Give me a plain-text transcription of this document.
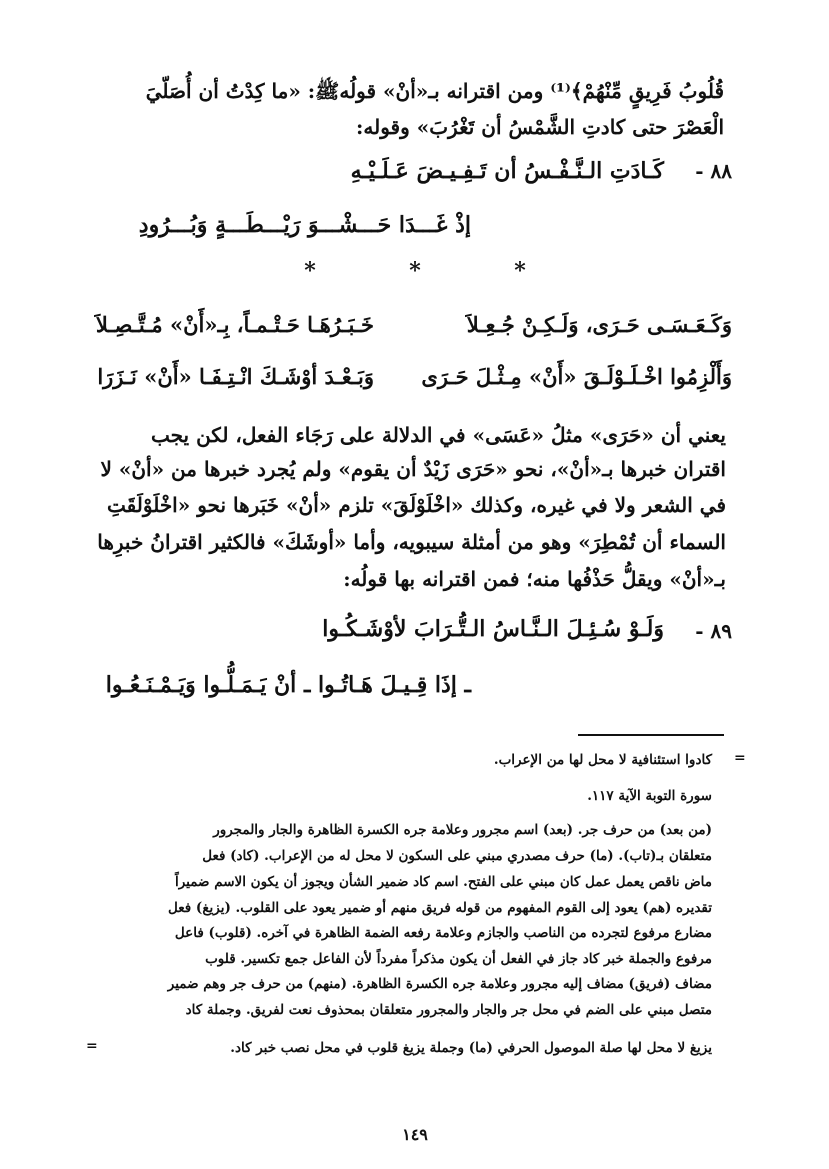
قُلُوبُ فَرِيقٍ مِّنْهُمْ﴾⁽¹⁾ ومن اقترانه بـ«أنْ» قولُهﷺ: «ما كِدْتُ أن أُصَلّيَ
الْعَصْرَ حتى كادتِ الشَّمْسُ أن تَغْرُبَ» وقوله:
٨٨ -
كَـادَتِ الـنَّـفْـسُ أن تَـفِـيـضَ عَـلَـيْـهِ
إذْ غَـــدَا حَـــشْـــوَ رَيْـــطَـــةٍ وَبُـــرُودِ
*	*	*
وَكَـعَـسَـى حَـرَى، وَلَـكِـنْ جُـعِـلاَ
خَـبَـرُهَـا حَـتْـمـاً، بِـ«أَنْ» مُـتَّـصِـلاَ
وَأَلْزِمُوا اخْـلَـوْلَـقَ «أَنْ» مِـثْـلَ حَـرَى
وَبَـعْـدَ أوْشَـكَ انْـتِـفَـا «أَنْ» نَـزَرَا
يعني أن «حَرَى» مثلُ «عَسَى» في الدلالة على رَجَاء الفعل، لكن يجب
اقتران خبرها بـ«أنْ»، نحو «حَرَى زَيْدٌ أن يقوم» ولم يُجرد خبرها من «أنْ» لا
في الشعر ولا في غيره، وكذلك «اخْلَوْلَقَ» تلزم «أنْ» خَبَرها نحو «اخْلَوْلَقَتِ
السماء أن تُمْطِرَ» وهو من أمثلة سيبويه، وأما «أوشَكَ» فالكثير اقترانُ خبرِها
بـ«أنْ» ويقلُّ حَذْفُها منه؛ فمن اقترانه بها قولُه:
٨٩ -
وَلَـوْ سُـئِـلَ الـنَّـاسُ الـتُّـرَابَ لأوْشَـكُـوا
ـ إذَا قِـيـلَ هَـاتُـوا ـ أنْ يَـمَـلُّـوا وَيَـمْـنَـعُـوا
=
كادوا استئنافية لا محل لها من الإعراب.
سورة التوبة الآية ١١٧.
(من بعد) من حرف جر. (بعد) اسم مجرور وعلامة جره الكسرة الظاهرة والجار والمجرور
متعلقان بـ(تاب). (ما) حرف مصدري مبني على السكون لا محل له من الإعراب. (كاد) فعل
ماض ناقص يعمل عمل كان مبني على الفتح. اسم كاد ضمير الشأن ويجوز أن يكون الاسم ضميراً
تقديره (هم) يعود إلى القوم المفهوم من قوله فريق منهم أو ضمير يعود على القلوب. (يزيغ) فعل
مضارع مرفوع لتجرده من الناصب والجازم وعلامة رفعه الضمة الظاهرة في آخره. (قلوب) فاعل
مرفوع والجملة خبر كاد جاز في الفعل أن يكون مذكراً مفرداً لأن الفاعل جمع تكسير. قلوب
مضاف (فريق) مضاف إليه مجرور وعلامة جره الكسرة الظاهرة. (منهم) من حرف جر وهم ضمير
متصل مبني على الضم في محل جر والجار والمجرور متعلقان بمحذوف نعت لفريق. وجملة كاد
يزيغ لا محل لها صلة الموصول الحرفي (ما) وجملة يزيغ قلوب في محل نصب خبر كاد.
=
١٤٩
